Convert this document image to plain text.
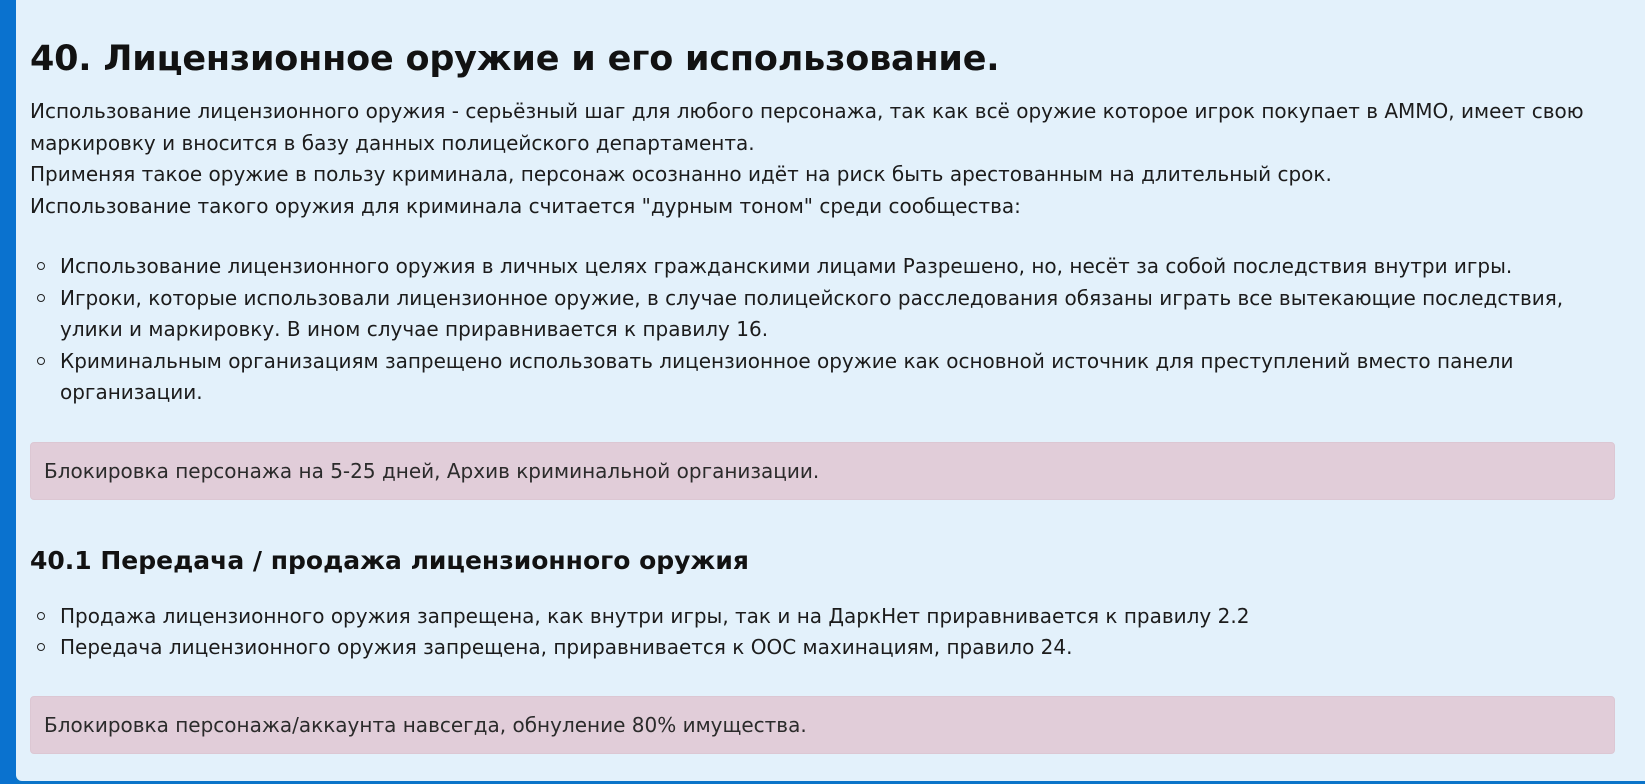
40. Лицензионное оружие и его использование.

Использование лицензионного оружия - серьёзный шаг для любого персонажа, так как всё оружие которое игрок покупает в AMMO, имеет свою маркировку и вносится в базу данных полицейского департамента.

Применяя такое оружие в пользу криминала, персонаж осознанно идёт на риск быть арестованным на длительный срок.

Использование такого оружия для криминала считается "дурным тоном" среди сообщества:

Использование лицензионного оружия в личных целях гражданскими лицами Разрешено, но, несёт за собой последствия внутри игры.
Игроки, которые использовали лицензионное оружие, в случае полицейского расследования обязаны играть все вытекающие последствия, улики и маркировку. В ином случае приравнивается к правилу 16.
Криминальным организациям запрещено использовать лицензионное оружие как основной источник для преступлений вместо панели организации.
Блокировка персонажа на 5-25 дней, Архив криминальной организации.
40.1 Передача / продажа лицензионного оружия
Продажа лицензионного оружия запрещена, как внутри игры, так и на ДаркНет приравнивается к правилу 2.2
Передача лицензионного оружия запрещена, приравнивается к ООС махинациям, правило 24.
Блокировка персонажа/аккаунта навсегда, обнуление 80% имущества.
